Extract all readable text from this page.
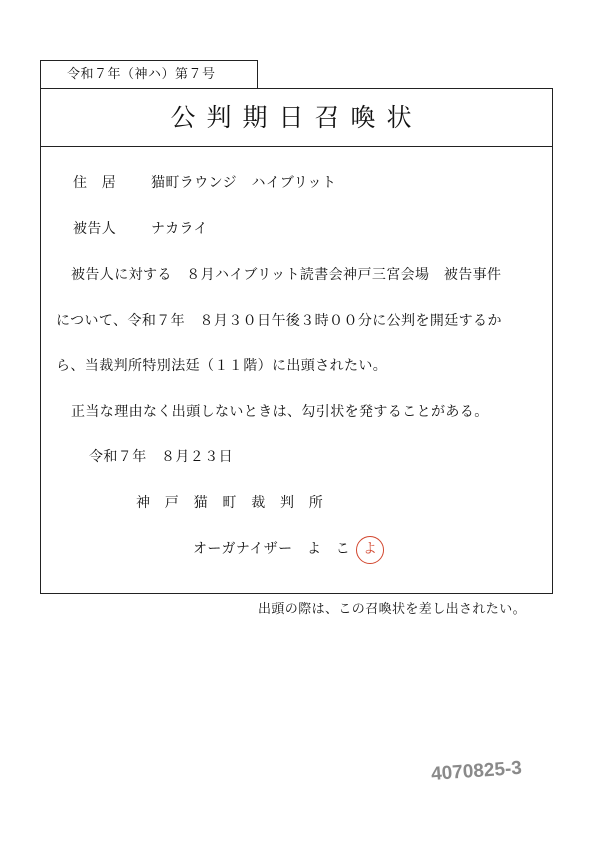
令和７年（神ハ）第７号
公判期日召喚状
住　居 猫町ラウンジ　ハイブリット
被告人 ナカライ
被告人に対する　８月ハイブリット読書会神戸三宮会場　被告事件
について、令和７年　８月３０日午後３時００分に公判を開廷するか
ら、当裁判所特別法廷（１１階）に出頭されたい。
正当な理由なく出頭しないときは、勾引状を発することがある。
令和７年　８月２３日
神　戸　猫　町　裁　判　所
オーガナイザー　よ　こ よ
出頭の際は、この召喚状を差し出されたい。
4070825-3
